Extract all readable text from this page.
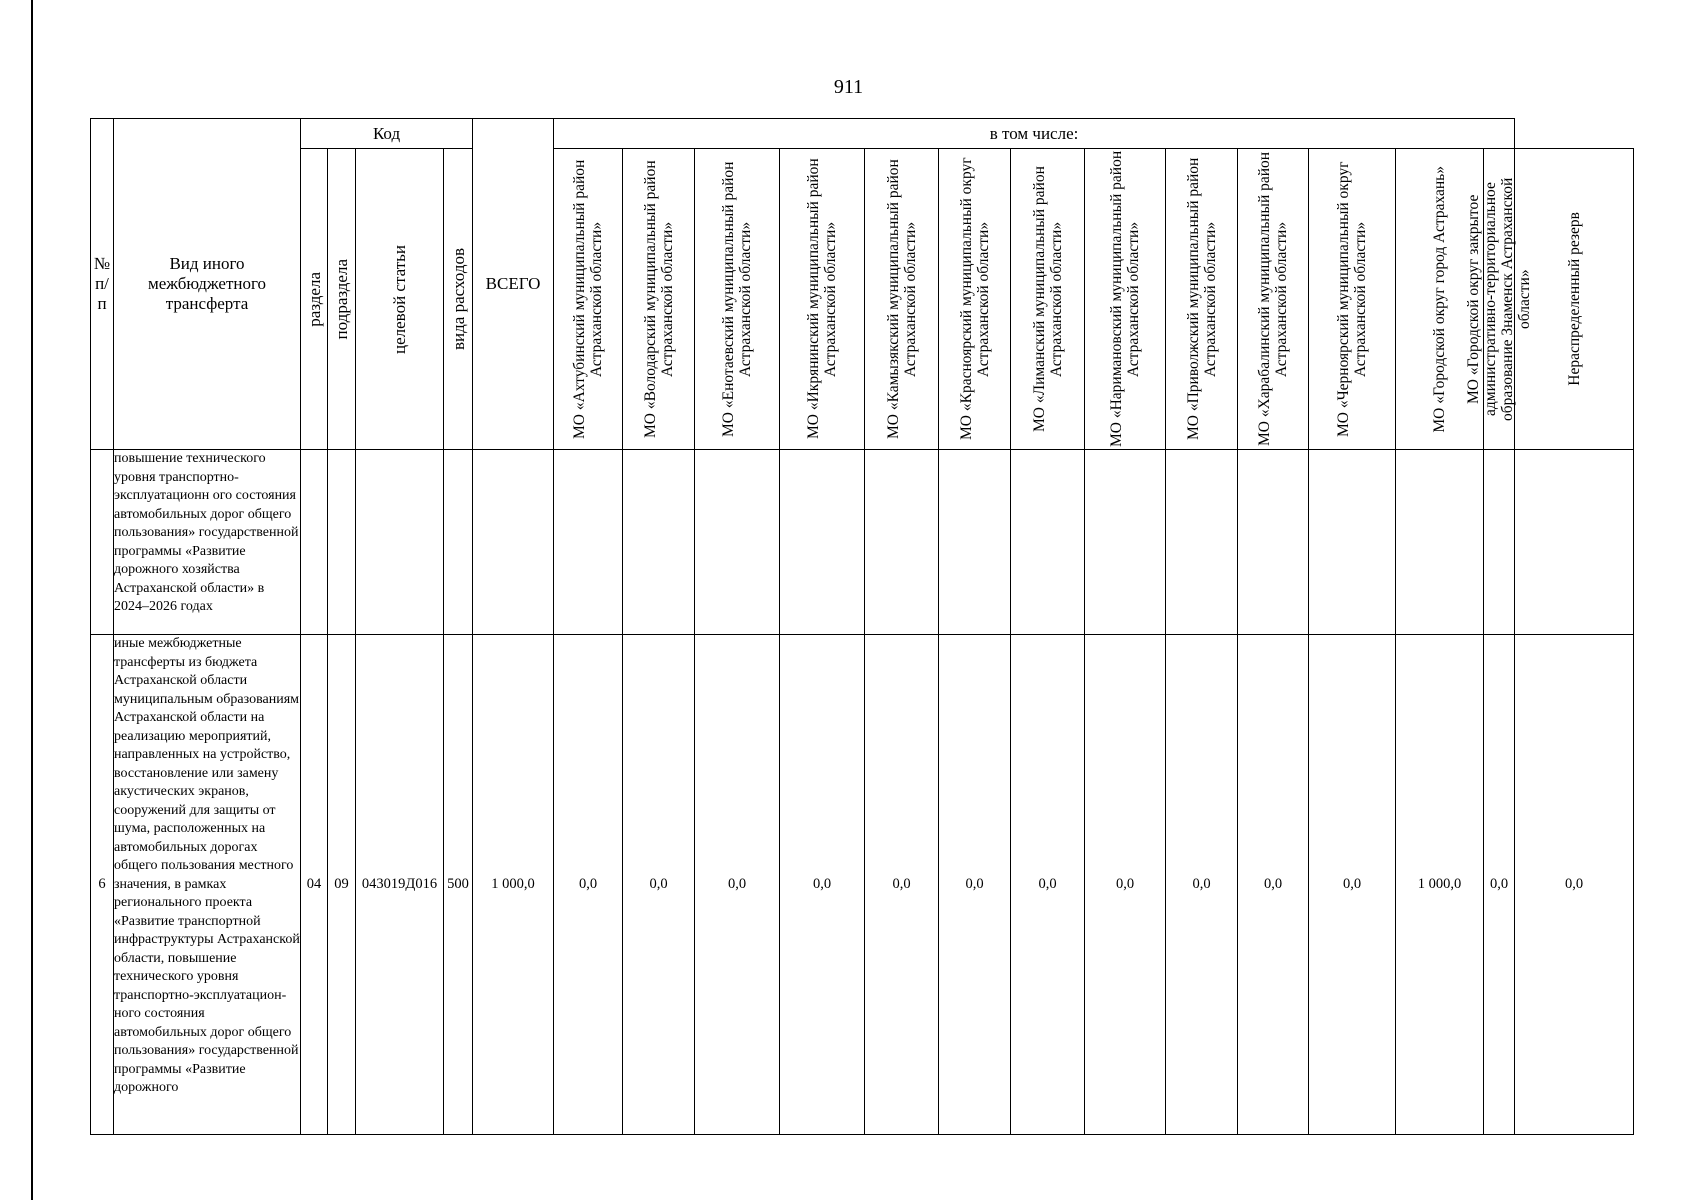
911
№ п/п	Вид иного межбюджетного трансферта	Код				ВСЕГО	в том числе:													

		раздела	подраздела	целевой статьи	вида расходов		МО «Ахтубинский муниципальный район Астраханской области»	МО «Володарский муниципальный район Астраханской области»	МО «Енотаевский муниципальный район Астраханской области»	МО «Икрянинский муниципальный район Астраханской области»	МО «Камызякский муниципальный район Астраханской области»	МО «Красноярский муниципальный округ Астраханской области»	МО «Лиманский муниципальный район Астраханской области»	МО «Наримановский муниципальный район Астраханской области»	МО «Приволжский муниципальный район Астраханской области»	МО «Харабалинский муниципальный район Астраханской области»	МО «Черноярский муниципальный округ Астраханской области»	МО «Городской округ город Астрахань»	МО «Городской округ закрытое административно-территориальное образование Знаменск Астраханской области»	Нераспределенный резерв

	повышение технического уровня транспортно-эксплуатационн ого состояния автомобильных дорог общего пользования» государственной программы «Развитие дорожного хозяйства Астраханской области» в 2024–2026 годах																			
6	иные межбюджетные трансферты из бюджета Астраханской области муниципальным образованиям Астраханской области на реализацию мероприятий, направленных на устройство, восстановление или замену акустических экранов, сооружений для защиты от шума, расположенных на автомобильных дорогах общего пользования местного значения, в рамках регионального проекта «Развитие транспортной инфраструктуры Астраханской области, повышение технического уровня транспортно-эксплуатацион-ного состояния автомобильных дорог общего пользования» государственной программы «Развитие дорожного	04	09	043019Д016	500	1 000,0	0,0	0,0	0,0	0,0	0,0	0,0	0,0	0,0	0,0	0,0	0,0	1 000,0	0,0	0,0
